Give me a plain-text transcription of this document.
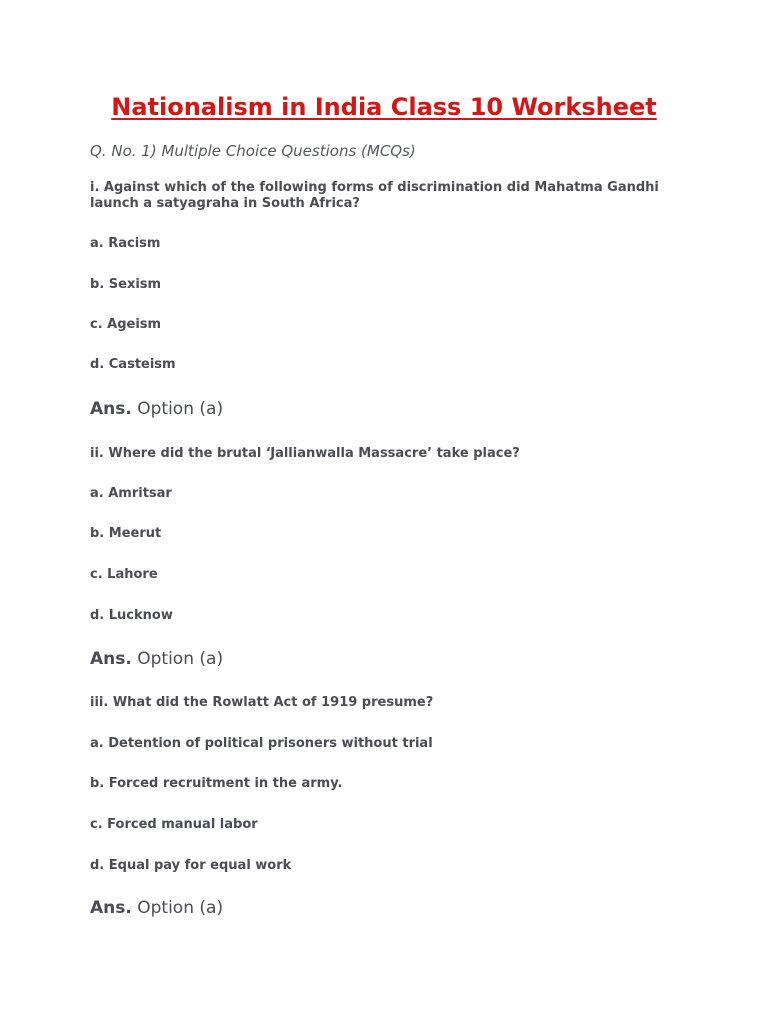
Nationalism in India Class 10 Worksheet
Q. No. 1) Multiple Choice Questions (MCQs)
i. Against which of the following forms of discrimination did Mahatma Gandhi launch a satyagraha in South Africa?
a. Racism
b. Sexism
c. Ageism
d. Casteism
Ans. Option (a)
ii. Where did the brutal ‘Jallianwalla Massacre’ take place?
a. Amritsar
b. Meerut
c. Lahore
d. Lucknow
Ans. Option (a)
iii. What did the Rowlatt Act of 1919 presume?
a. Detention of political prisoners without trial
b. Forced recruitment in the army.
c. Forced manual labor
d. Equal pay for equal work
Ans. Option (a)
